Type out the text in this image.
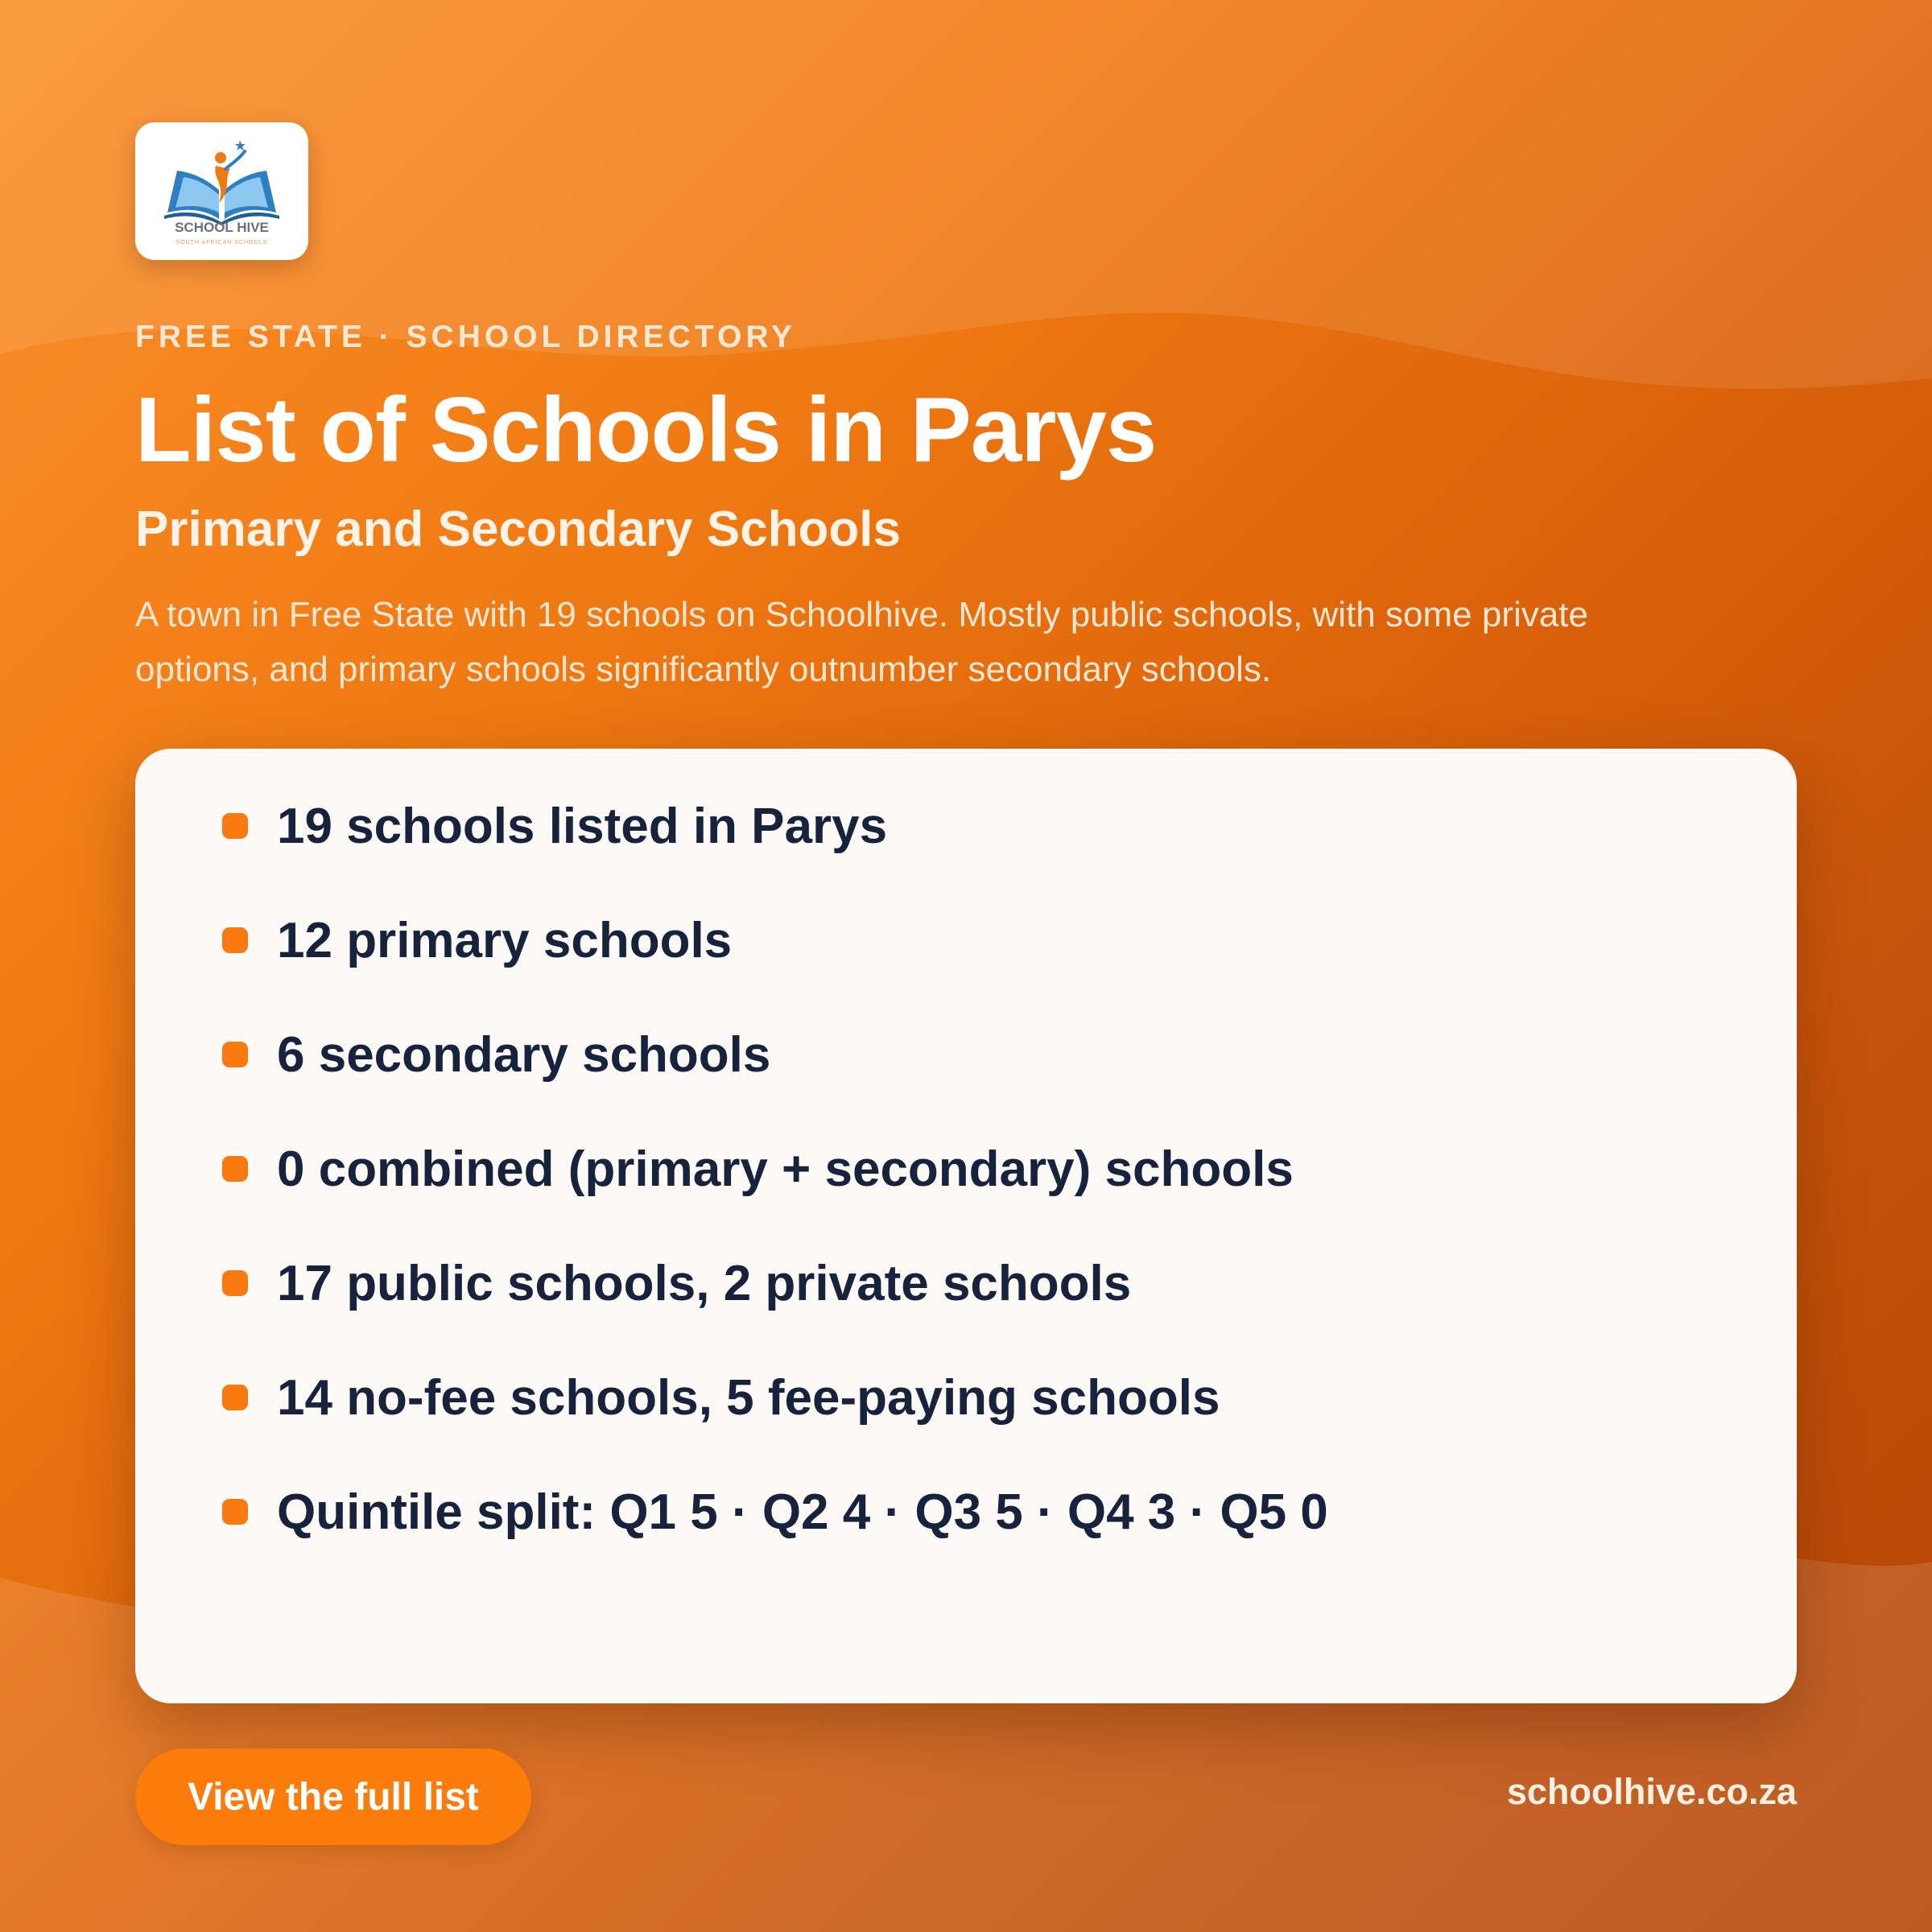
SCHOOL HIVE
SOUTH AFRICAN SCHOOLS

FREE STATE · SCHOOL DIRECTORY

List of Schools in Parys
Primary and Secondary Schools

A town in Free State with 19 schools on Schoolhive. Mostly public schools, with some private options, and primary schools significantly outnumber secondary schools.

19 schools listed in Parys
12 primary schools
6 secondary schools
0 combined (primary + secondary) schools
17 public schools, 2 private schools
14 no-fee schools, 5 fee-paying schools
Quintile split: Q1 5 · Q2 4 · Q3 5 · Q4 3 · Q5 0
View the full list	schoolhive.co.za
